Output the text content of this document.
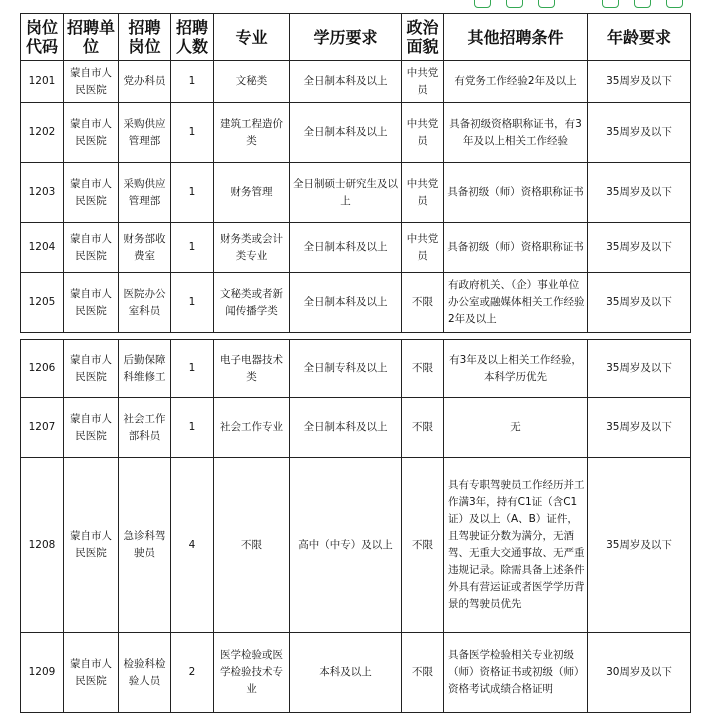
岗位代码	招聘单位	招聘岗位	招聘人数	专业	学历要求	政治面貌	其他招聘条件	年龄要求
1201	蒙自市人民医院	党办科员	1	文秘类	全日制本科及以上	中共党员	有党务工作经验2年及以上	35周岁及以下
1202	蒙自市人民医院	采购供应管理部	1	建筑工程造价类	全日制本科及以上	中共党员	具备初级资格职称证书，有3年及以上相关工作经验	35周岁及以下
1203	蒙自市人民医院	采购供应管理部	1	财务管理	全日制硕士研究生及以上	中共党员	具备初级（师）资格职称证书	35周岁及以下
1204	蒙自市人民医院	财务部收费室	1	财务类或会计类专业	全日制本科及以上	中共党员	具备初级（师）资格职称证书	35周岁及以下
1205	蒙自市人民医院	医院办公室科员	1	文秘类或者新闻传播学类	全日制本科及以上	不限	有政府机关、（企）事业单位办公室或融媒体相关工作经验2年及以上	35周岁及以下
1206	蒙自市人民医院	后勤保障科维修工	1	电子电器技术类	全日制专科及以上	不限	有3年及以上相关工作经验，本科学历优先	35周岁及以下
1207	蒙自市人民医院	社会工作部科员	1	社会工作专业	全日制本科及以上	不限	无	35周岁及以下
1208	蒙自市人民医院	急诊科驾驶员	4	不限	高中（中专）及以上	不限	具有专职驾驶员工作经历并工作满3年，持有C1证（含C1证）及以上（A、B）证件，且驾驶证分数为满分，无酒驾、无重大交通事故、无严重违规记录。除需具备上述条件外具有营运证或者医学学历背景的驾驶员优先	35周岁及以下
1209	蒙自市人民医院	检验科检验人员	2	医学检验或医学检验技术专业	本科及以上	不限	具备医学检验相关专业初级（师）资格证书或初级（师）资格考试成绩合格证明	30周岁及以下
